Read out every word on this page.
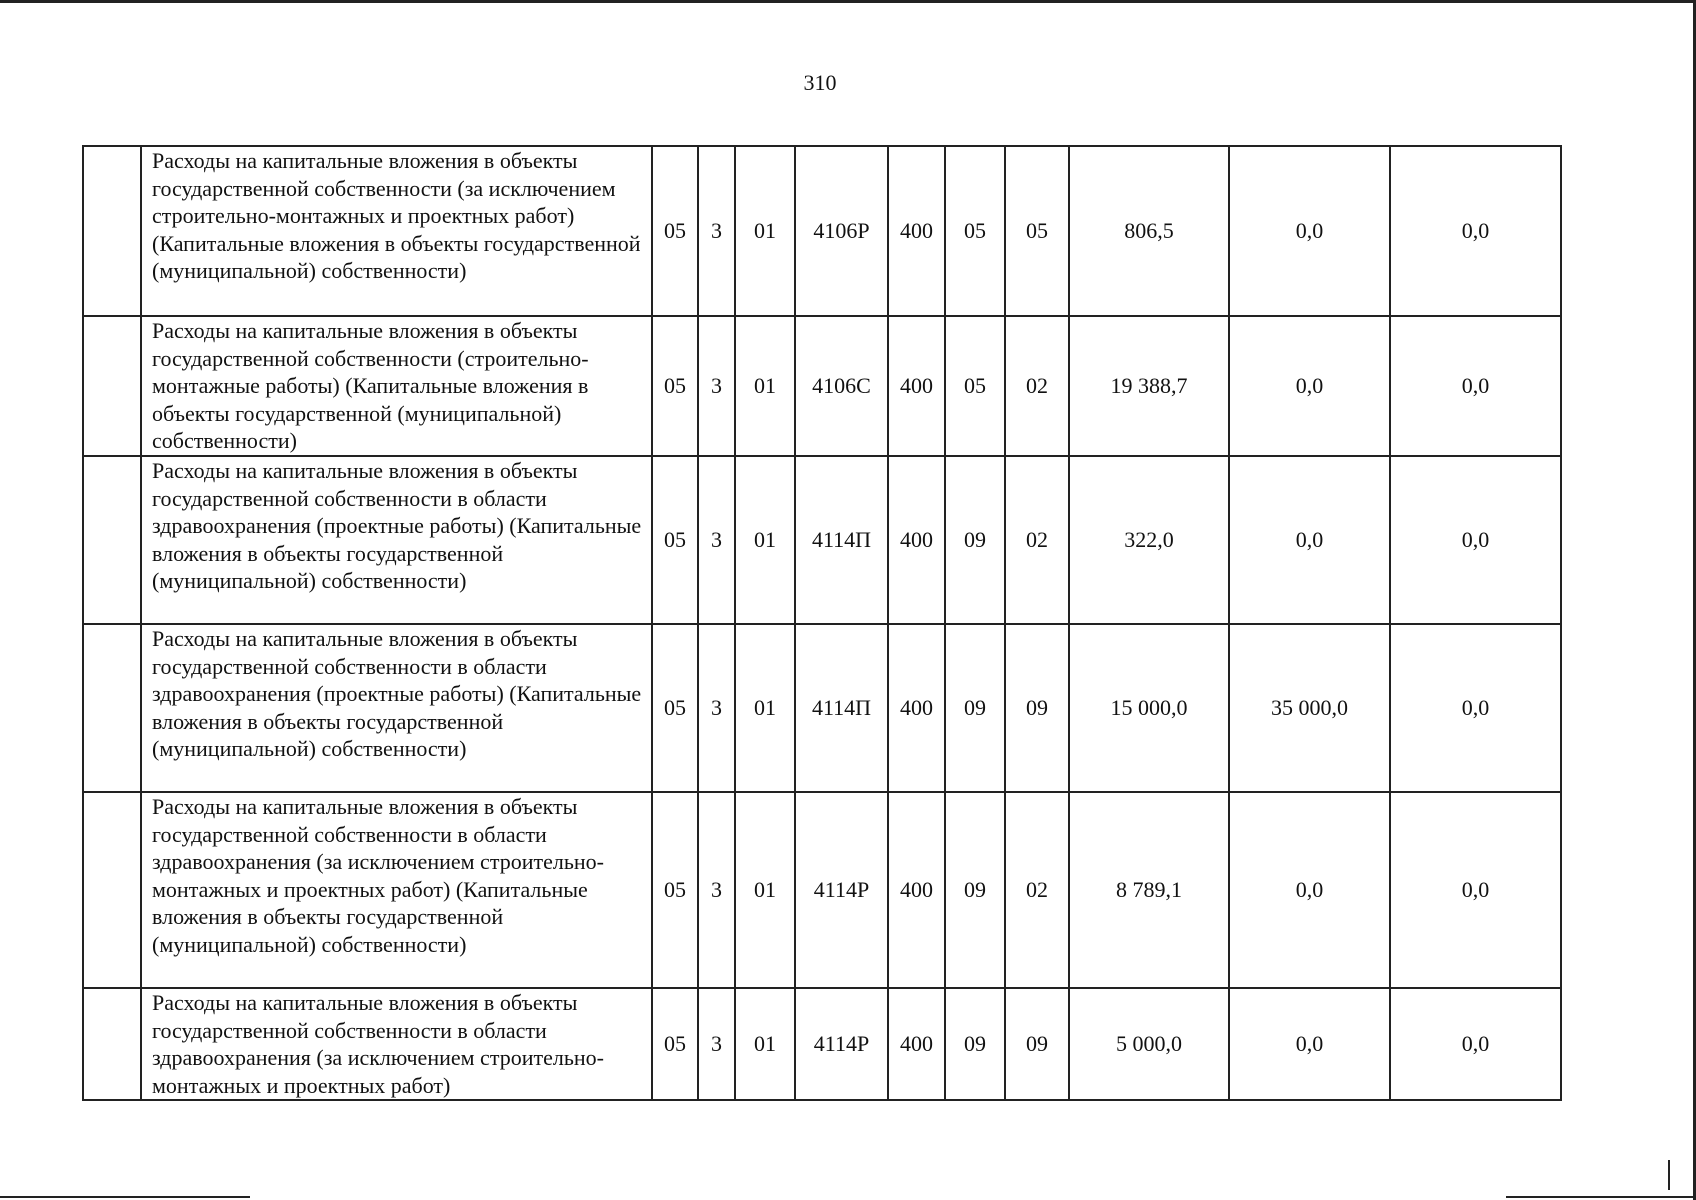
310
	Расходы на капитальные вложения в объекты государственной собственности (за исключением строительно-монтажных и проектных работ) (Капитальные вложения в объекты государственной (муниципальной) собственности)	05	3	01	4106Р	400	05	05	806,5	0,0	0,0
	Расходы на капитальные вложения в объекты государственной собственности (строительно-монтажные работы) (Капитальные вложения в объекты государственной (муниципальной) собственности)	05	3	01	4106С	400	05	02	19 388,7	0,0	0,0
	Расходы на капитальные вложения в объекты государственной собственности в области здравоохранения (проектные работы) (Капитальные вложения в объекты государственной (муниципальной) собственности)	05	3	01	4114П	400	09	02	322,0	0,0	0,0
	Расходы на капитальные вложения в объекты государственной собственности в области здравоохранения (проектные работы) (Капитальные вложения в объекты государственной (муниципальной) собственности)	05	3	01	4114П	400	09	09	15 000,0	35 000,0	0,0
	Расходы на капитальные вложения в объекты государственной собственности в области здравоохранения (за исключением строительно-монтажных и проектных работ) (Капитальные вложения в объекты государственной (муниципальной) собственности)	05	3	01	4114Р	400	09	02	8 789,1	0,0	0,0
	Расходы на капитальные вложения в объекты государственной собственности в области здравоохранения (за исключением строительно-монтажных и проектных работ)	05	3	01	4114Р	400	09	09	5 000,0	0,0	0,0
